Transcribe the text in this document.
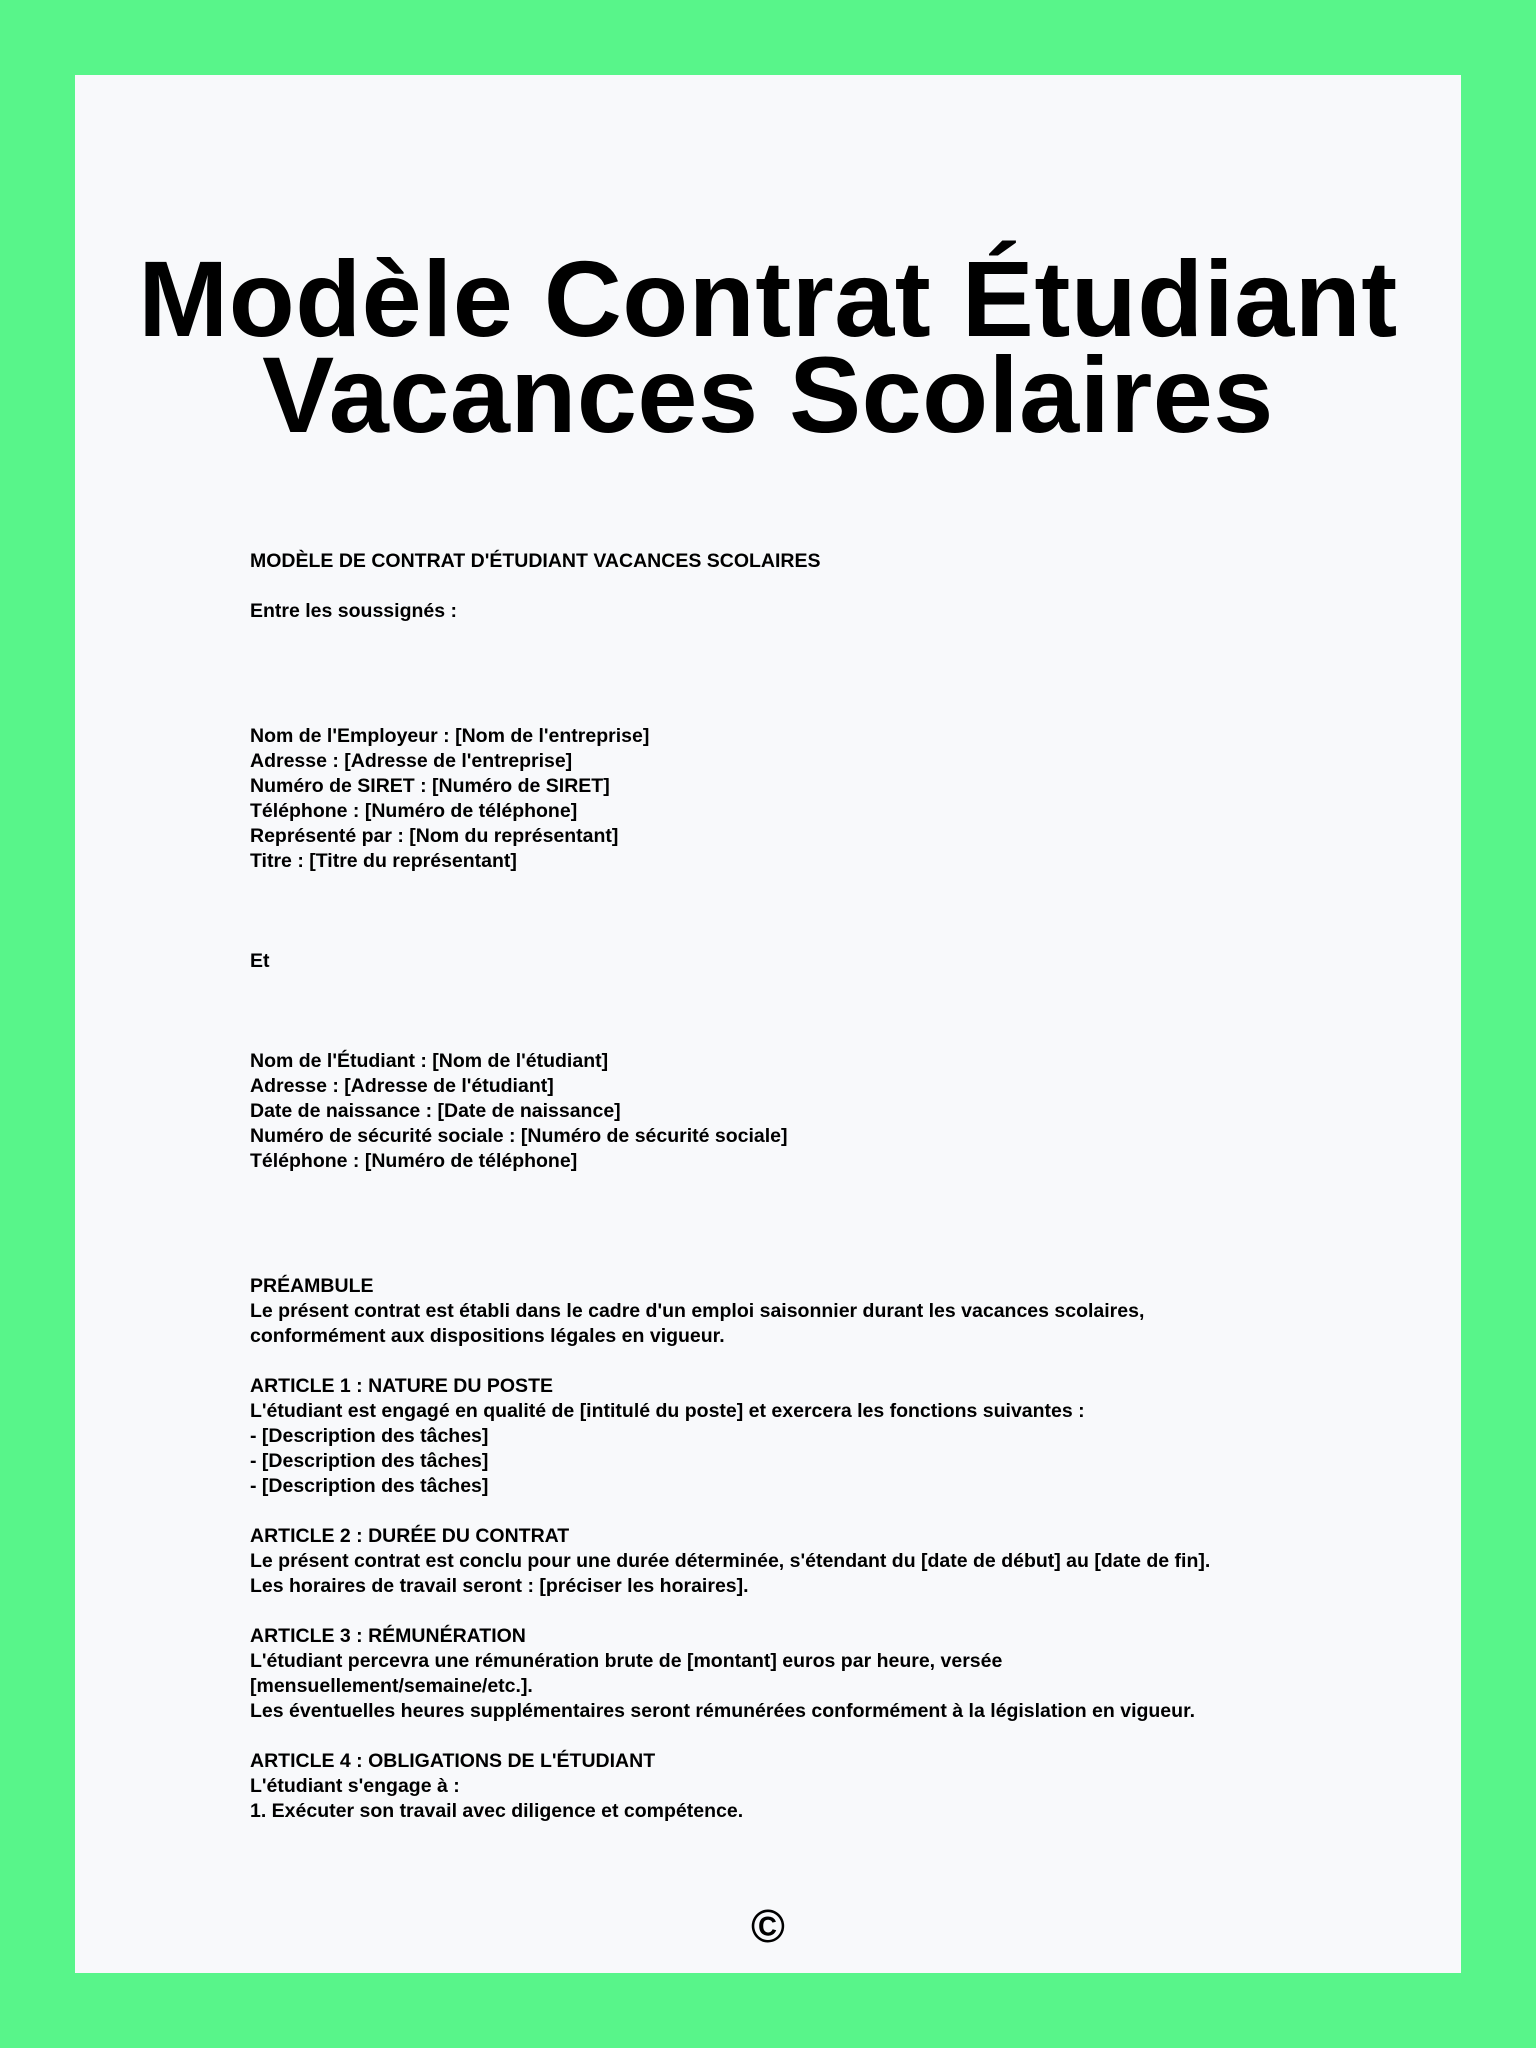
Modèle Contrat Étudiant
Vacances Scolaires
MODÈLE DE CONTRAT D'ÉTUDIANT VACANCES SCOLAIRES
Entre les soussignés :
Nom de l'Employeur : [Nom de l'entreprise]
Adresse : [Adresse de l'entreprise]
Numéro de SIRET : [Numéro de SIRET]
Téléphone : [Numéro de téléphone]
Représenté par : [Nom du représentant]
Titre : [Titre du représentant]
Et
Nom de l'Étudiant : [Nom de l'étudiant]
Adresse : [Adresse de l'étudiant]
Date de naissance : [Date de naissance]
Numéro de sécurité sociale : [Numéro de sécurité sociale]
Téléphone : [Numéro de téléphone]
PRÉAMBULE
Le présent contrat est établi dans le cadre d'un emploi saisonnier durant les vacances scolaires,
conformément aux dispositions légales en vigueur.
ARTICLE 1 : NATURE DU POSTE
L'étudiant est engagé en qualité de [intitulé du poste] et exercera les fonctions suivantes :
- [Description des tâches]
- [Description des tâches]
- [Description des tâches]
ARTICLE 2 : DURÉE DU CONTRAT
Le présent contrat est conclu pour une durée déterminée, s'étendant du [date de début] au [date de fin].
Les horaires de travail seront : [préciser les horaires].
ARTICLE 3 : RÉMUNÉRATION
L'étudiant percevra une rémunération brute de [montant] euros par heure, versée
[mensuellement/semaine/etc.].
Les éventuelles heures supplémentaires seront rémunérées conformément à la législation en vigueur.
ARTICLE 4 : OBLIGATIONS DE L'ÉTUDIANT
L'étudiant s'engage à :
1. Exécuter son travail avec diligence et compétence.
©
